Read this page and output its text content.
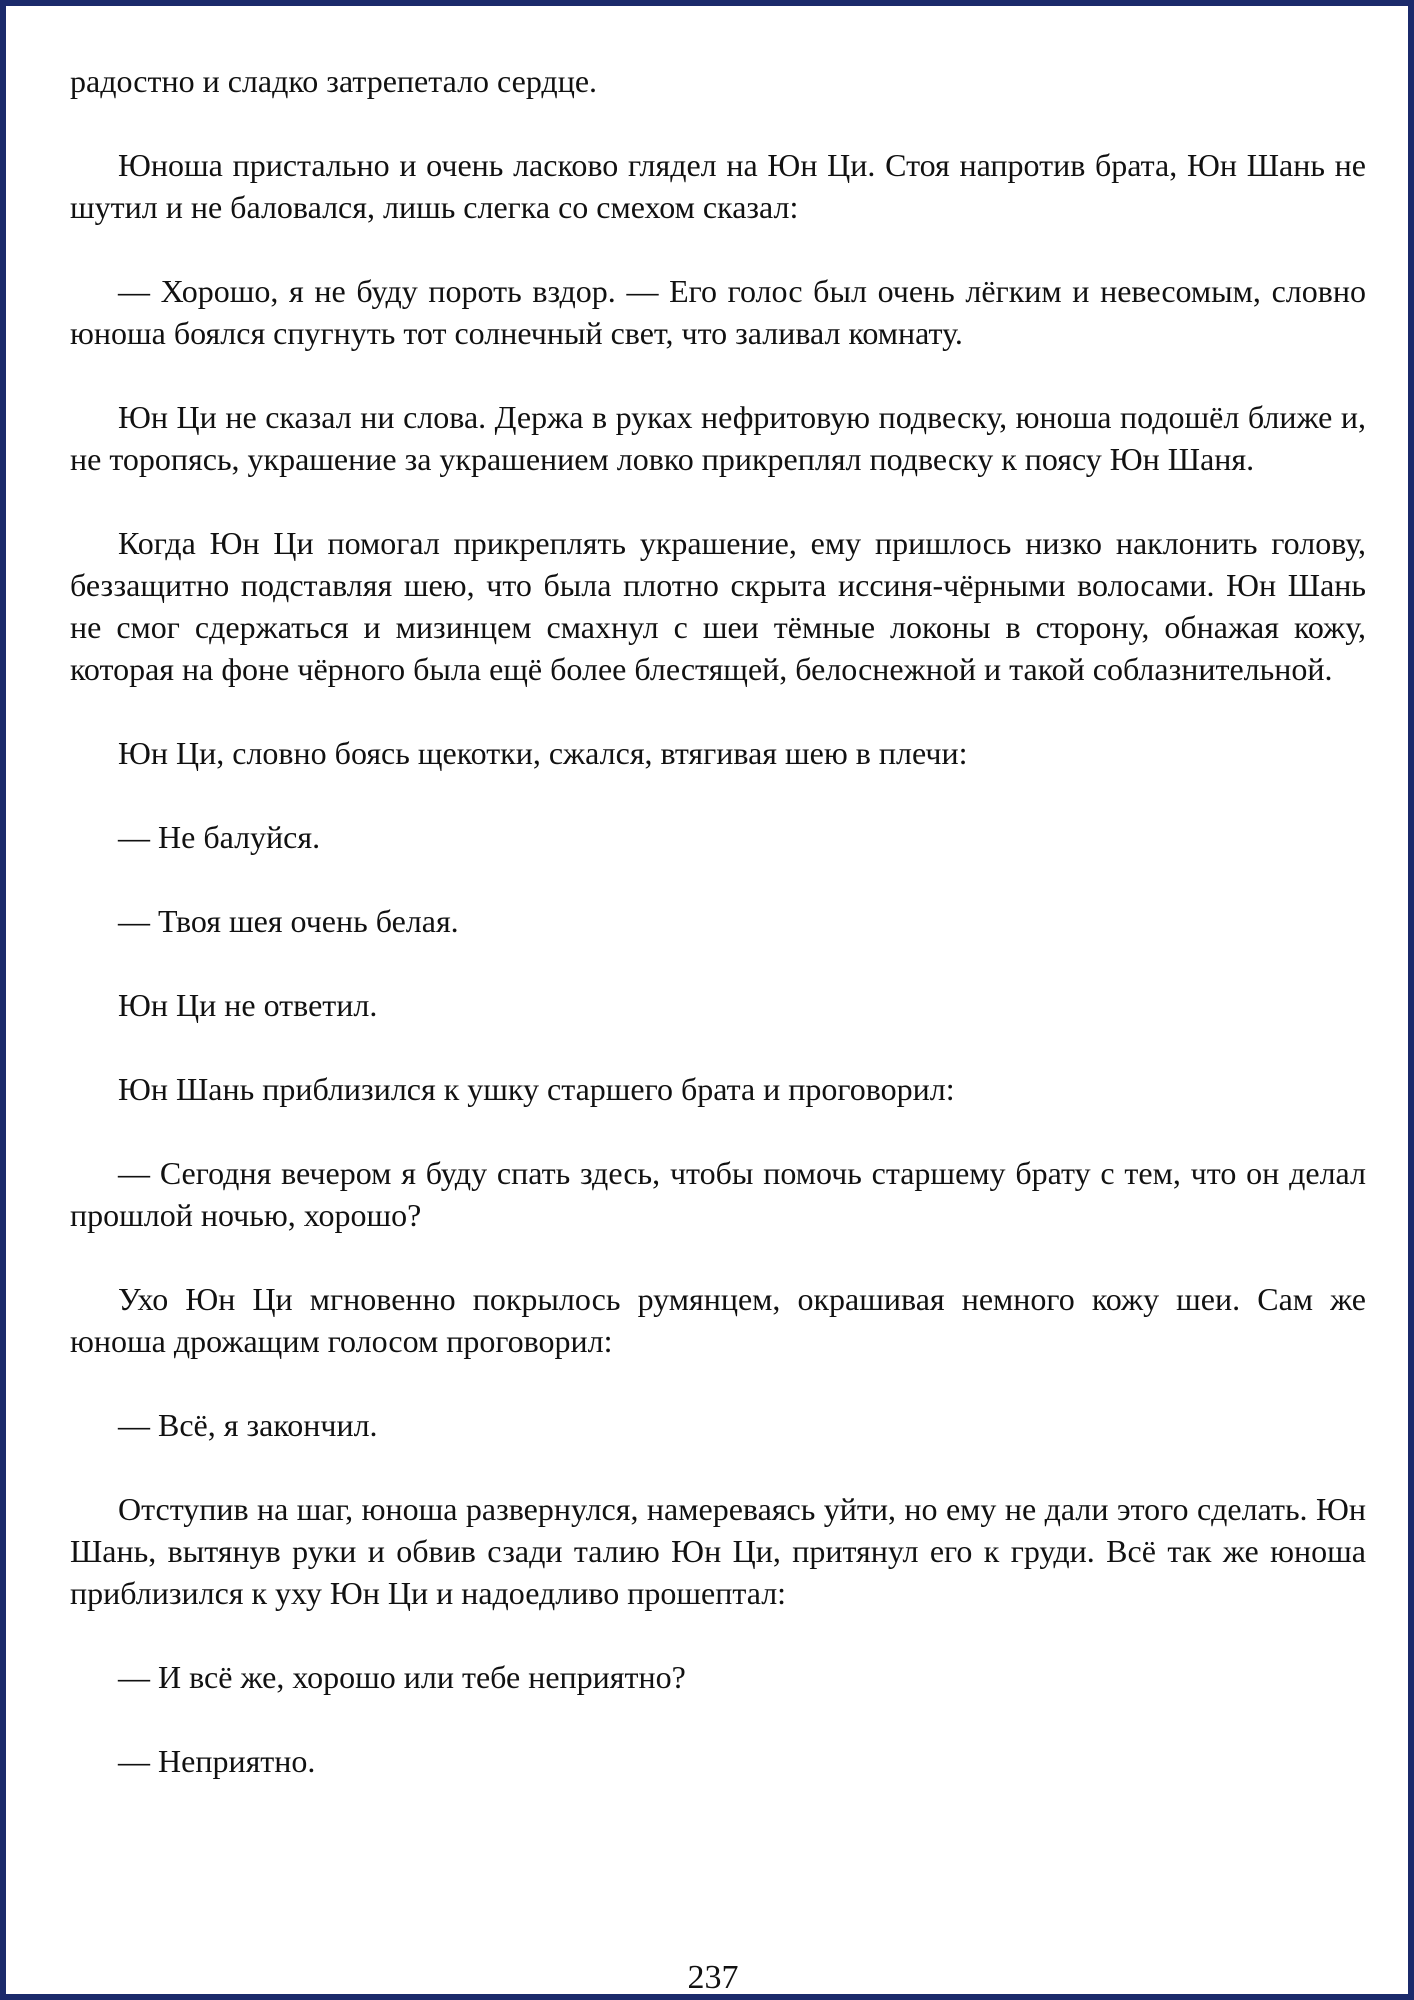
радостно и сладко затрепетало сердце.

Юноша пристально и очень ласково глядел на Юн Ци. Стоя напротив брата, Юн Шань не шутил и не баловался, лишь слегка со смехом сказал:

— Хорошо, я не буду пороть вздор. — Его голос был очень лёгким и невесомым, словно юноша боялся спугнуть тот солнечный свет, что заливал комнату.

Юн Ци не сказал ни слова. Держа в руках нефритовую подвеску, юноша подошёл ближе и, не торопясь, украшение за украшением ловко прикреплял подвеску к поясу Юн Шаня.

Когда Юн Ци помогал прикреплять украшение, ему пришлось низко наклонить голову, беззащитно подставляя шею, что была плотно скрыта иссиня-чёрными волосами. Юн Шань не смог сдержаться и мизинцем смахнул с шеи тёмные локоны в сторону, обнажая кожу, которая на фоне чёрного была ещё более блестящей, белоснежной и такой соблазнительной.

Юн Ци, словно боясь щекотки, сжался, втягивая шею в плечи:

— Не балуйся.

— Твоя шея очень белая.

Юн Ци не ответил.

Юн Шань приблизился к ушку старшего брата и проговорил:

— Сегодня вечером я буду спать здесь, чтобы помочь старшему брату с тем, что он делал прошлой ночью, хорошо?

Ухо Юн Ци мгновенно покрылось румянцем, окрашивая немного кожу шеи. Сам же юноша дрожащим голосом проговорил:

— Всё, я закончил.

Отступив на шаг, юноша развернулся, намереваясь уйти, но ему не дали этого сделать. Юн Шань, вытянув руки и обвив сзади талию Юн Ци, притянул его к груди. Всё так же юноша приблизился к уху Юн Ци и надоедливо прошептал:

— И всё же, хорошо или тебе неприятно?

— Неприятно.

237
